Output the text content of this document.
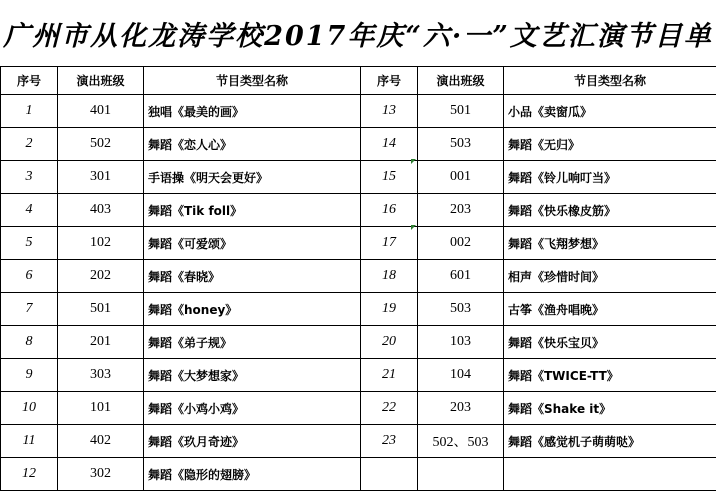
广州市从化龙涛学校2017年庆“六·一”文艺汇演节目单
序号	演出班级	节目类型名称	序号	演出班级	节目类型名称
1	401	独唱《最美的画》	13	501	小品《卖窗瓜》
2	502	舞蹈《恋人心》	14	503	舞蹈《无归》
3	301	手语操《明天会更好》	15	001	舞蹈《铃儿响叮当》
4	403	舞蹈《Tik foll》	16	203	舞蹈《快乐橡皮筋》
5	102	舞蹈《可爱颂》	17	002	舞蹈《飞翔梦想》
6	202	舞蹈《春晓》	18	601	相声《珍惜时间》
7	501	舞蹈《honey》	19	503	古筝《渔舟唱晚》
8	201	舞蹈《弟子规》	20	103	舞蹈《快乐宝贝》
9	303	舞蹈《大梦想家》	21	104	舞蹈《TWICE-TT》
10	101	舞蹈《小鸡小鸡》	22	203	舞蹈《Shake it》
11	402	舞蹈《玖月奇迹》	23	502、503	舞蹈《感觉机子萌萌哒》
12	302	舞蹈《隐形的翅膀》			
